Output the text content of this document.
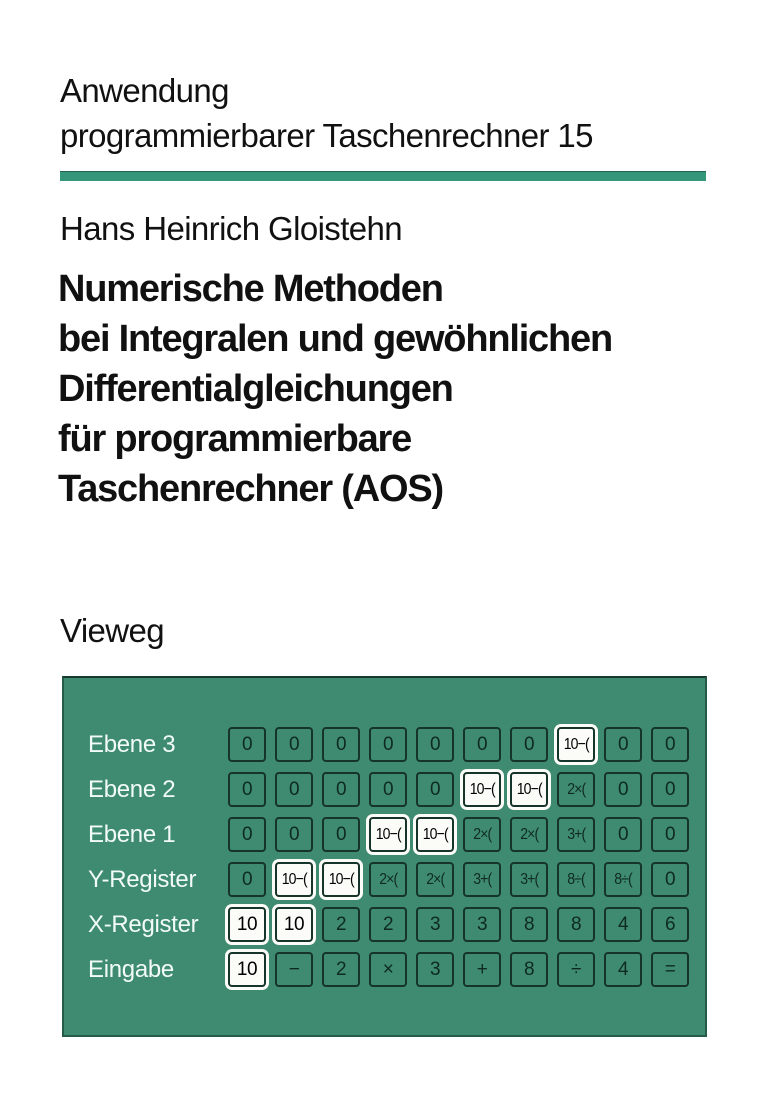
Anwendung
programmierbarer Taschenrechner 15
Hans Heinrich Gloistehn
Numerische Methoden
bei Integralen und gewöhnlichen
Differentialgleichungen
für programmierbare
Taschenrechner (AOS)
Vieweg
Ebene 3	0 0 0 0 0 0 0 10−( 0 0
Ebene 2	0 0 0 0 0 10−( 10−( 2×( 0 0
Ebene 1	0 0 0 10−( 10−( 2×( 2×( 3+( 0 0
Y-Register	0 10−( 10−( 2×( 2×( 3+( 3+( 8÷( 8÷( 0
X-Register	10 10 2 2 3 3 8 8 4 6
Eingabe	10 − 2 × 3 + 8 ÷ 4 =
